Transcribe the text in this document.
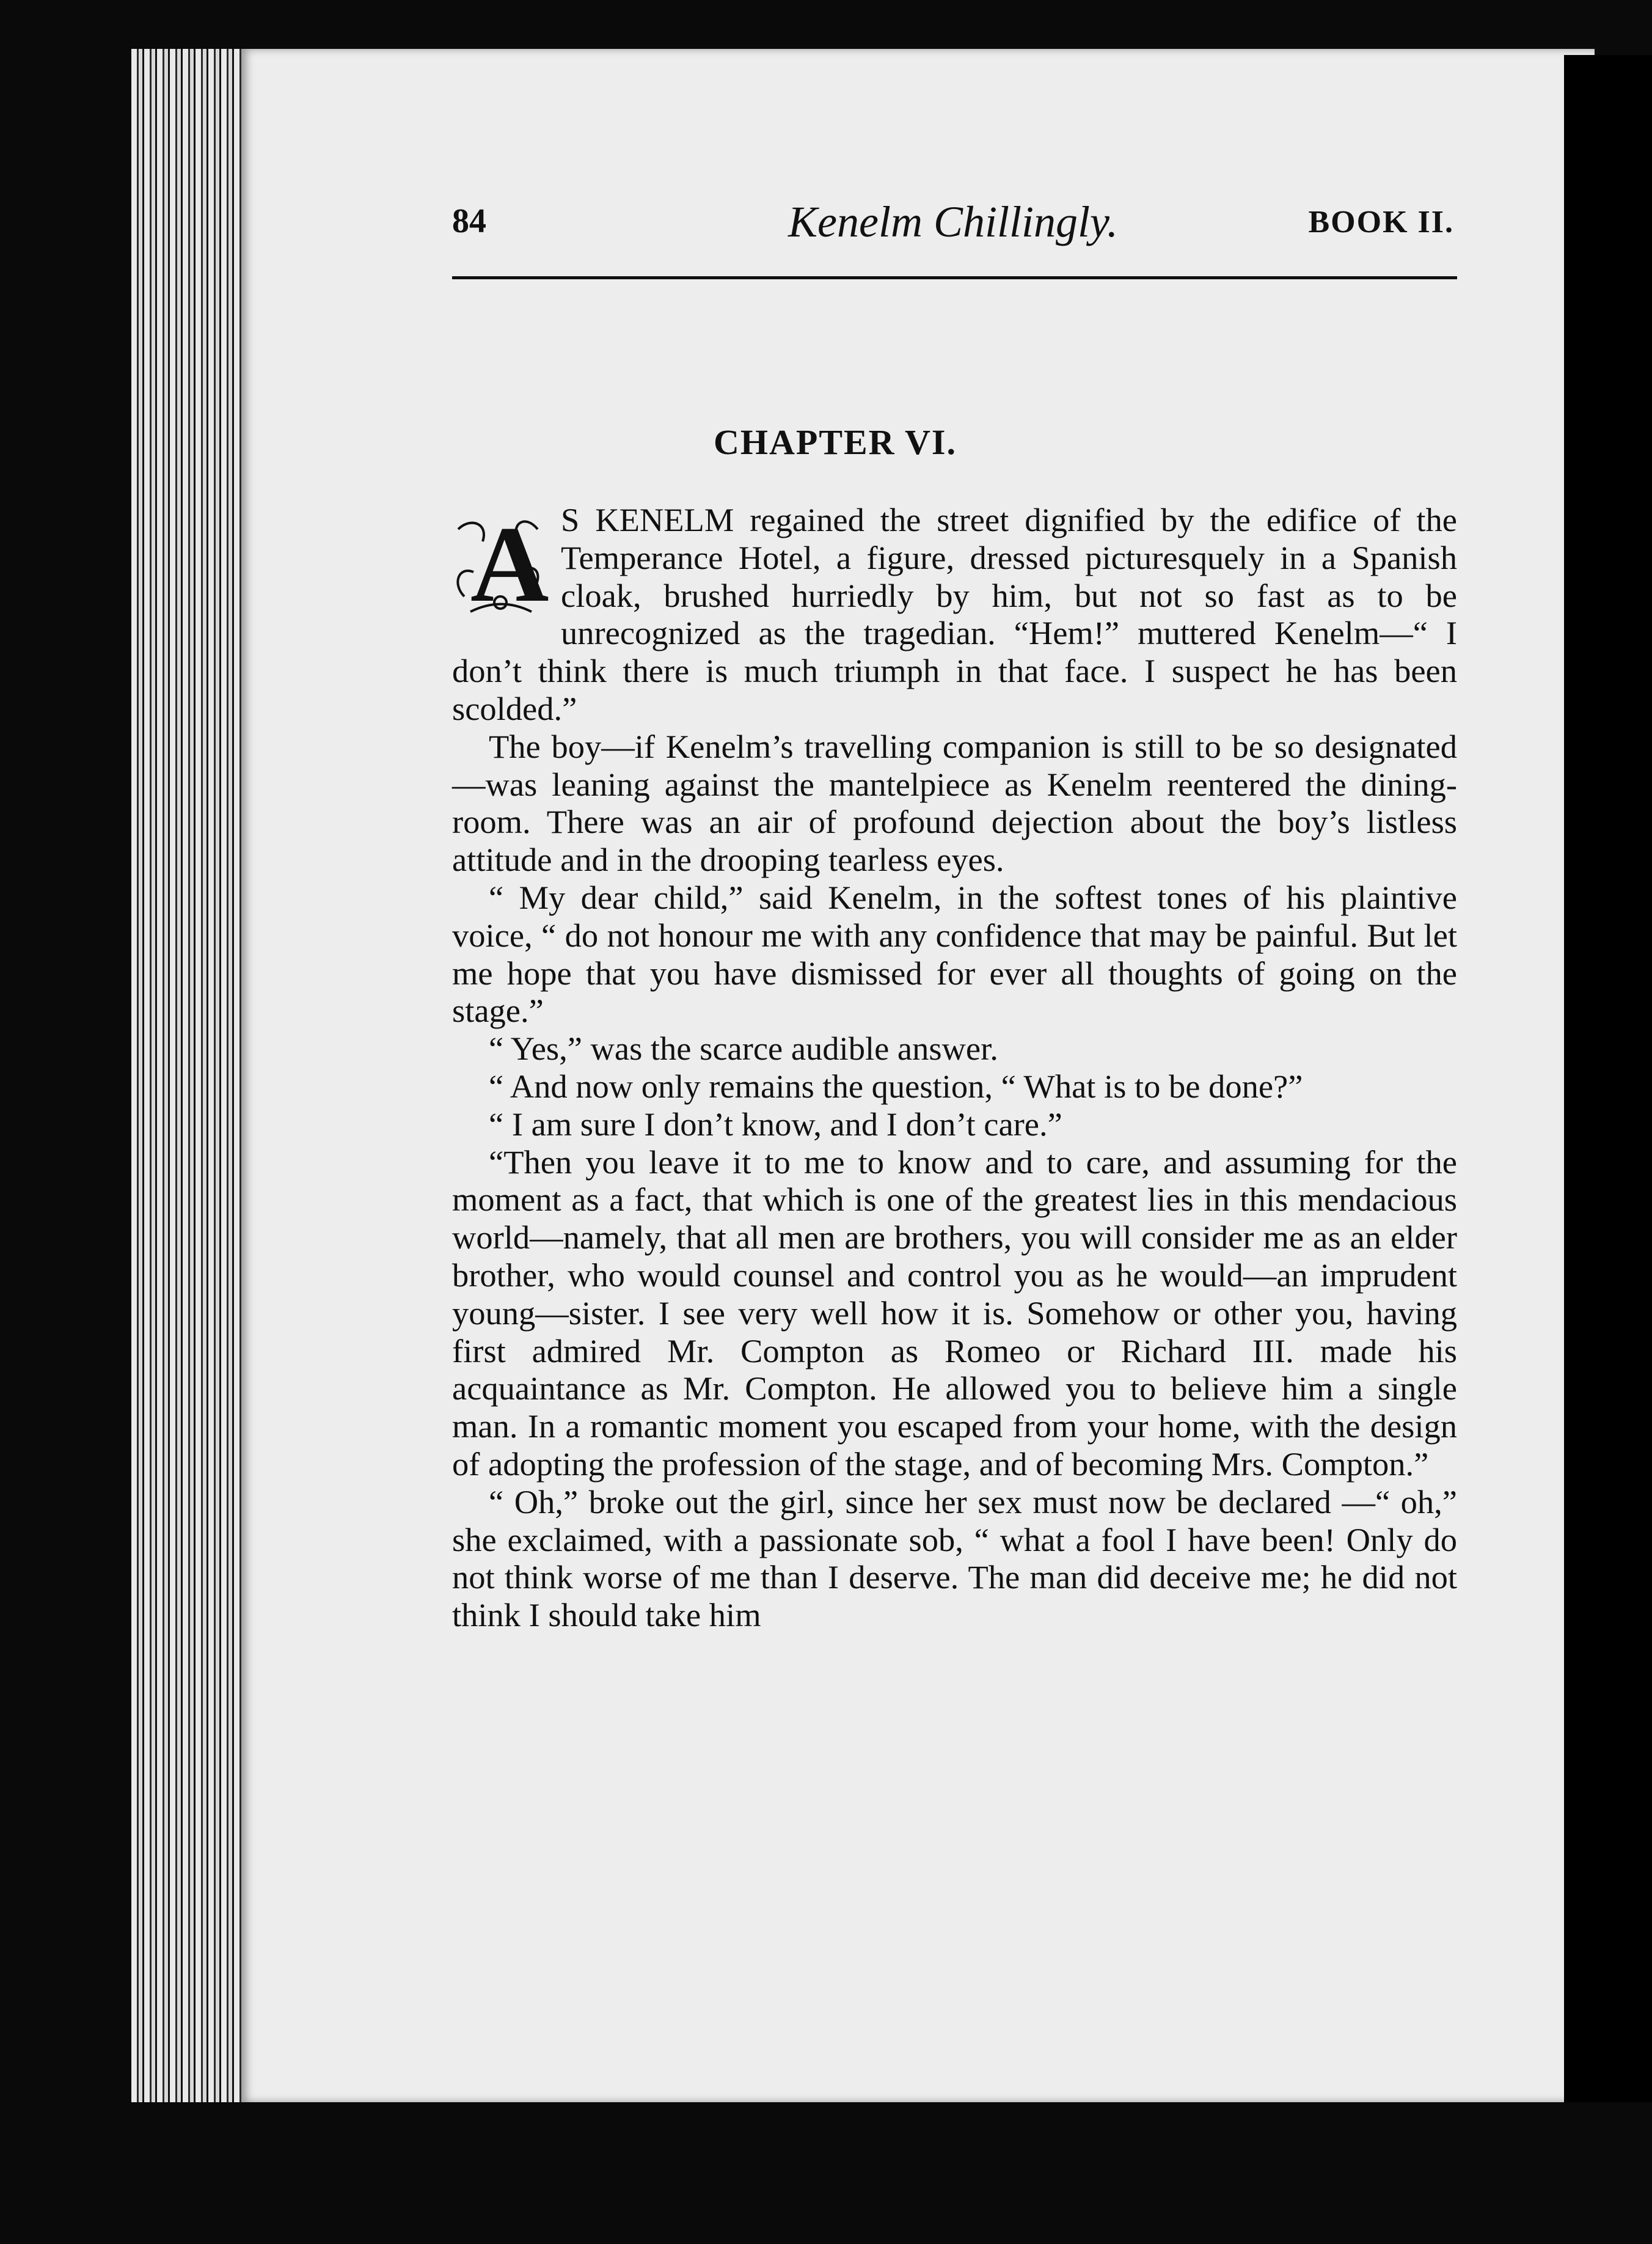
84	Kenelm Chillingly.	BOOK II.
CHAPTER VI.

A S KENELM regained the street dignified by the edifice of the Temperance Hotel, a figure, dressed picturesquely in a Spanish cloak, brushed hurriedly by him, but not so fast as to be unrecognized as the tragedian. “Hem!” muttered Kenelm—“ I don’t think there is much triumph in that face. I suspect he has been scolded.”

The boy—if Kenelm’s travelling companion is still to be so designated—was leaning against the mantelpiece as Kenelm reentered the dining-room. There was an air of profound dejection about the boy’s listless attitude and in the drooping tearless eyes.

“ My dear child,” said Kenelm, in the softest tones of his plaintive voice, “ do not honour me with any confidence that may be painful. But let me hope that you have dismissed for ever all thoughts of going on the stage.”

“ Yes,” was the scarce audible answer.

“ And now only remains the question, “ What is to be done?”

“ I am sure I don’t know, and I don’t care.”

“Then you leave it to me to know and to care, and assuming for the moment as a fact, that which is one of the greatest lies in this mendacious world—namely, that all men are brothers, you will consider me as an elder brother, who would counsel and control you as he would—an imprudent young—sister. I see very well how it is. Somehow or other you, having first admired Mr. Compton as Romeo or Richard III. made his acquaintance as Mr. Compton. He allowed you to believe him a single man. In a romantic moment you escaped from your home, with the design of adopting the profession of the stage, and of becoming Mrs. Compton.”

“ Oh,” broke out the girl, since her sex must now be declared —“ oh,” she exclaimed, with a passionate sob, “ what a fool I have been! Only do not think worse of me than I deserve. The man did deceive me; he did not think I should take him
